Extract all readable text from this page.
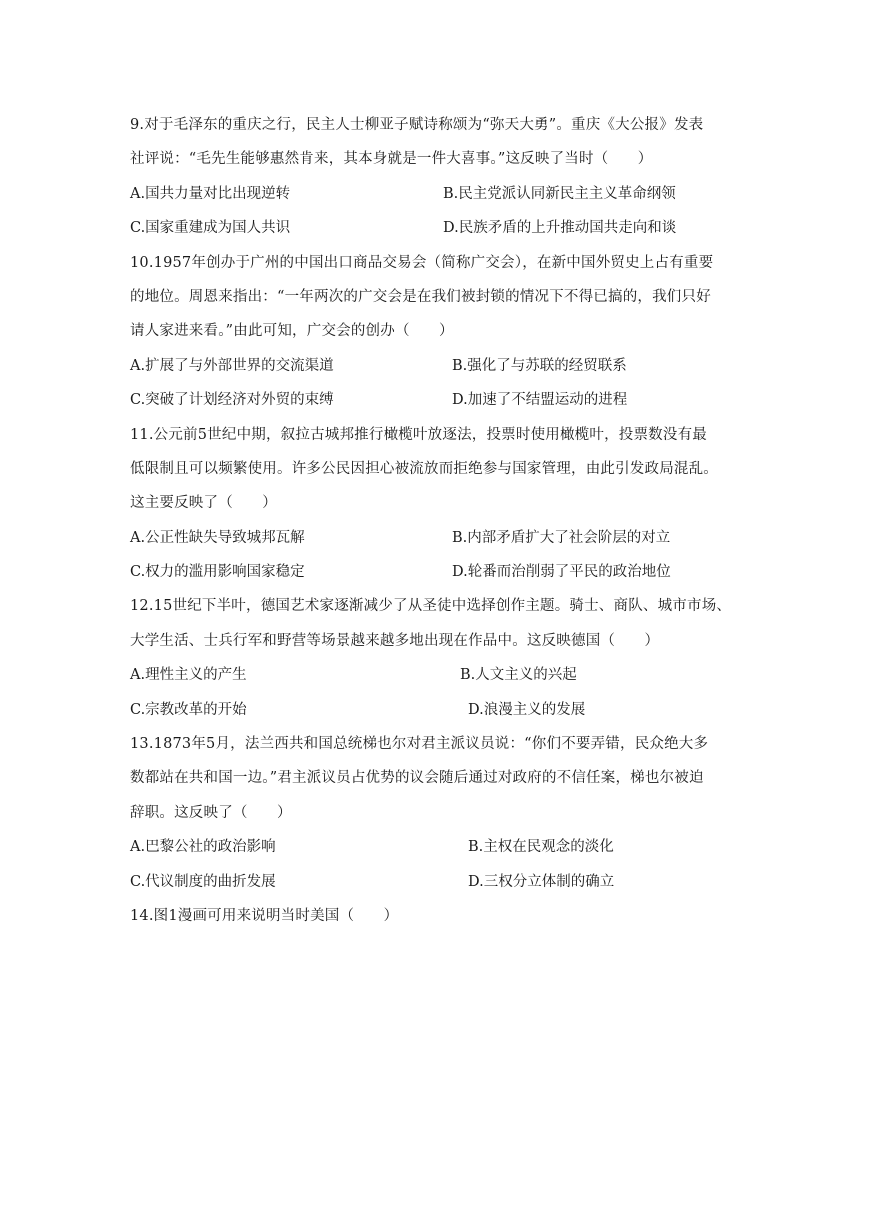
9.对于毛泽东的重庆之行，民主人士柳亚子赋诗称颂为“弥天大勇”。重庆《大公报》发表
社评说：“毛先生能够惠然肯来，其本身就是一件大喜事。”这反映了当时（　　）
A.国共力量对比出现逆转	B.民主党派认同新民主主义革命纲领
C.国家重建成为国人共识	D.民族矛盾的上升推动国共走向和谈
10.1957年创办于广州的中国出口商品交易会（简称广交会），在新中国外贸史上占有重要
的地位。周恩来指出：“一年两次的广交会是在我们被封锁的情况下不得已搞的，我们只好
请人家进来看。”由此可知，广交会的创办（　　）
A.扩展了与外部世界的交流渠道	B.强化了与苏联的经贸联系
C.突破了计划经济对外贸的束缚	D.加速了不结盟运动的进程
11.公元前5世纪中期，叙拉古城邦推行橄榄叶放逐法，投票时使用橄榄叶，投票数没有最
低限制且可以频繁使用。许多公民因担心被流放而拒绝参与国家管理，由此引发政局混乱。
这主要反映了（　　）
A.公正性缺失导致城邦瓦解	B.内部矛盾扩大了社会阶层的对立
C.权力的滥用影响国家稳定	D.轮番而治削弱了平民的政治地位
12.15世纪下半叶，德国艺术家逐渐减少了从圣徒中选择创作主题。骑士、商队、城市市场、
大学生活、士兵行军和野营等场景越来越多地出现在作品中。这反映德国（　　）
A.理性主义的产生	B.人文主义的兴起
C.宗教改革的开始	D.浪漫主义的发展
13.1873年5月，法兰西共和国总统梯也尔对君主派议员说：“你们不要弄错，民众绝大多
数都站在共和国一边。”君主派议员占优势的议会随后通过对政府的不信任案，梯也尔被迫
辞职。这反映了（　　）
A.巴黎公社的政治影响	B.主权在民观念的淡化
C.代议制度的曲折发展	D.三权分立体制的确立
14.图1漫画可用来说明当时美国（　　）
